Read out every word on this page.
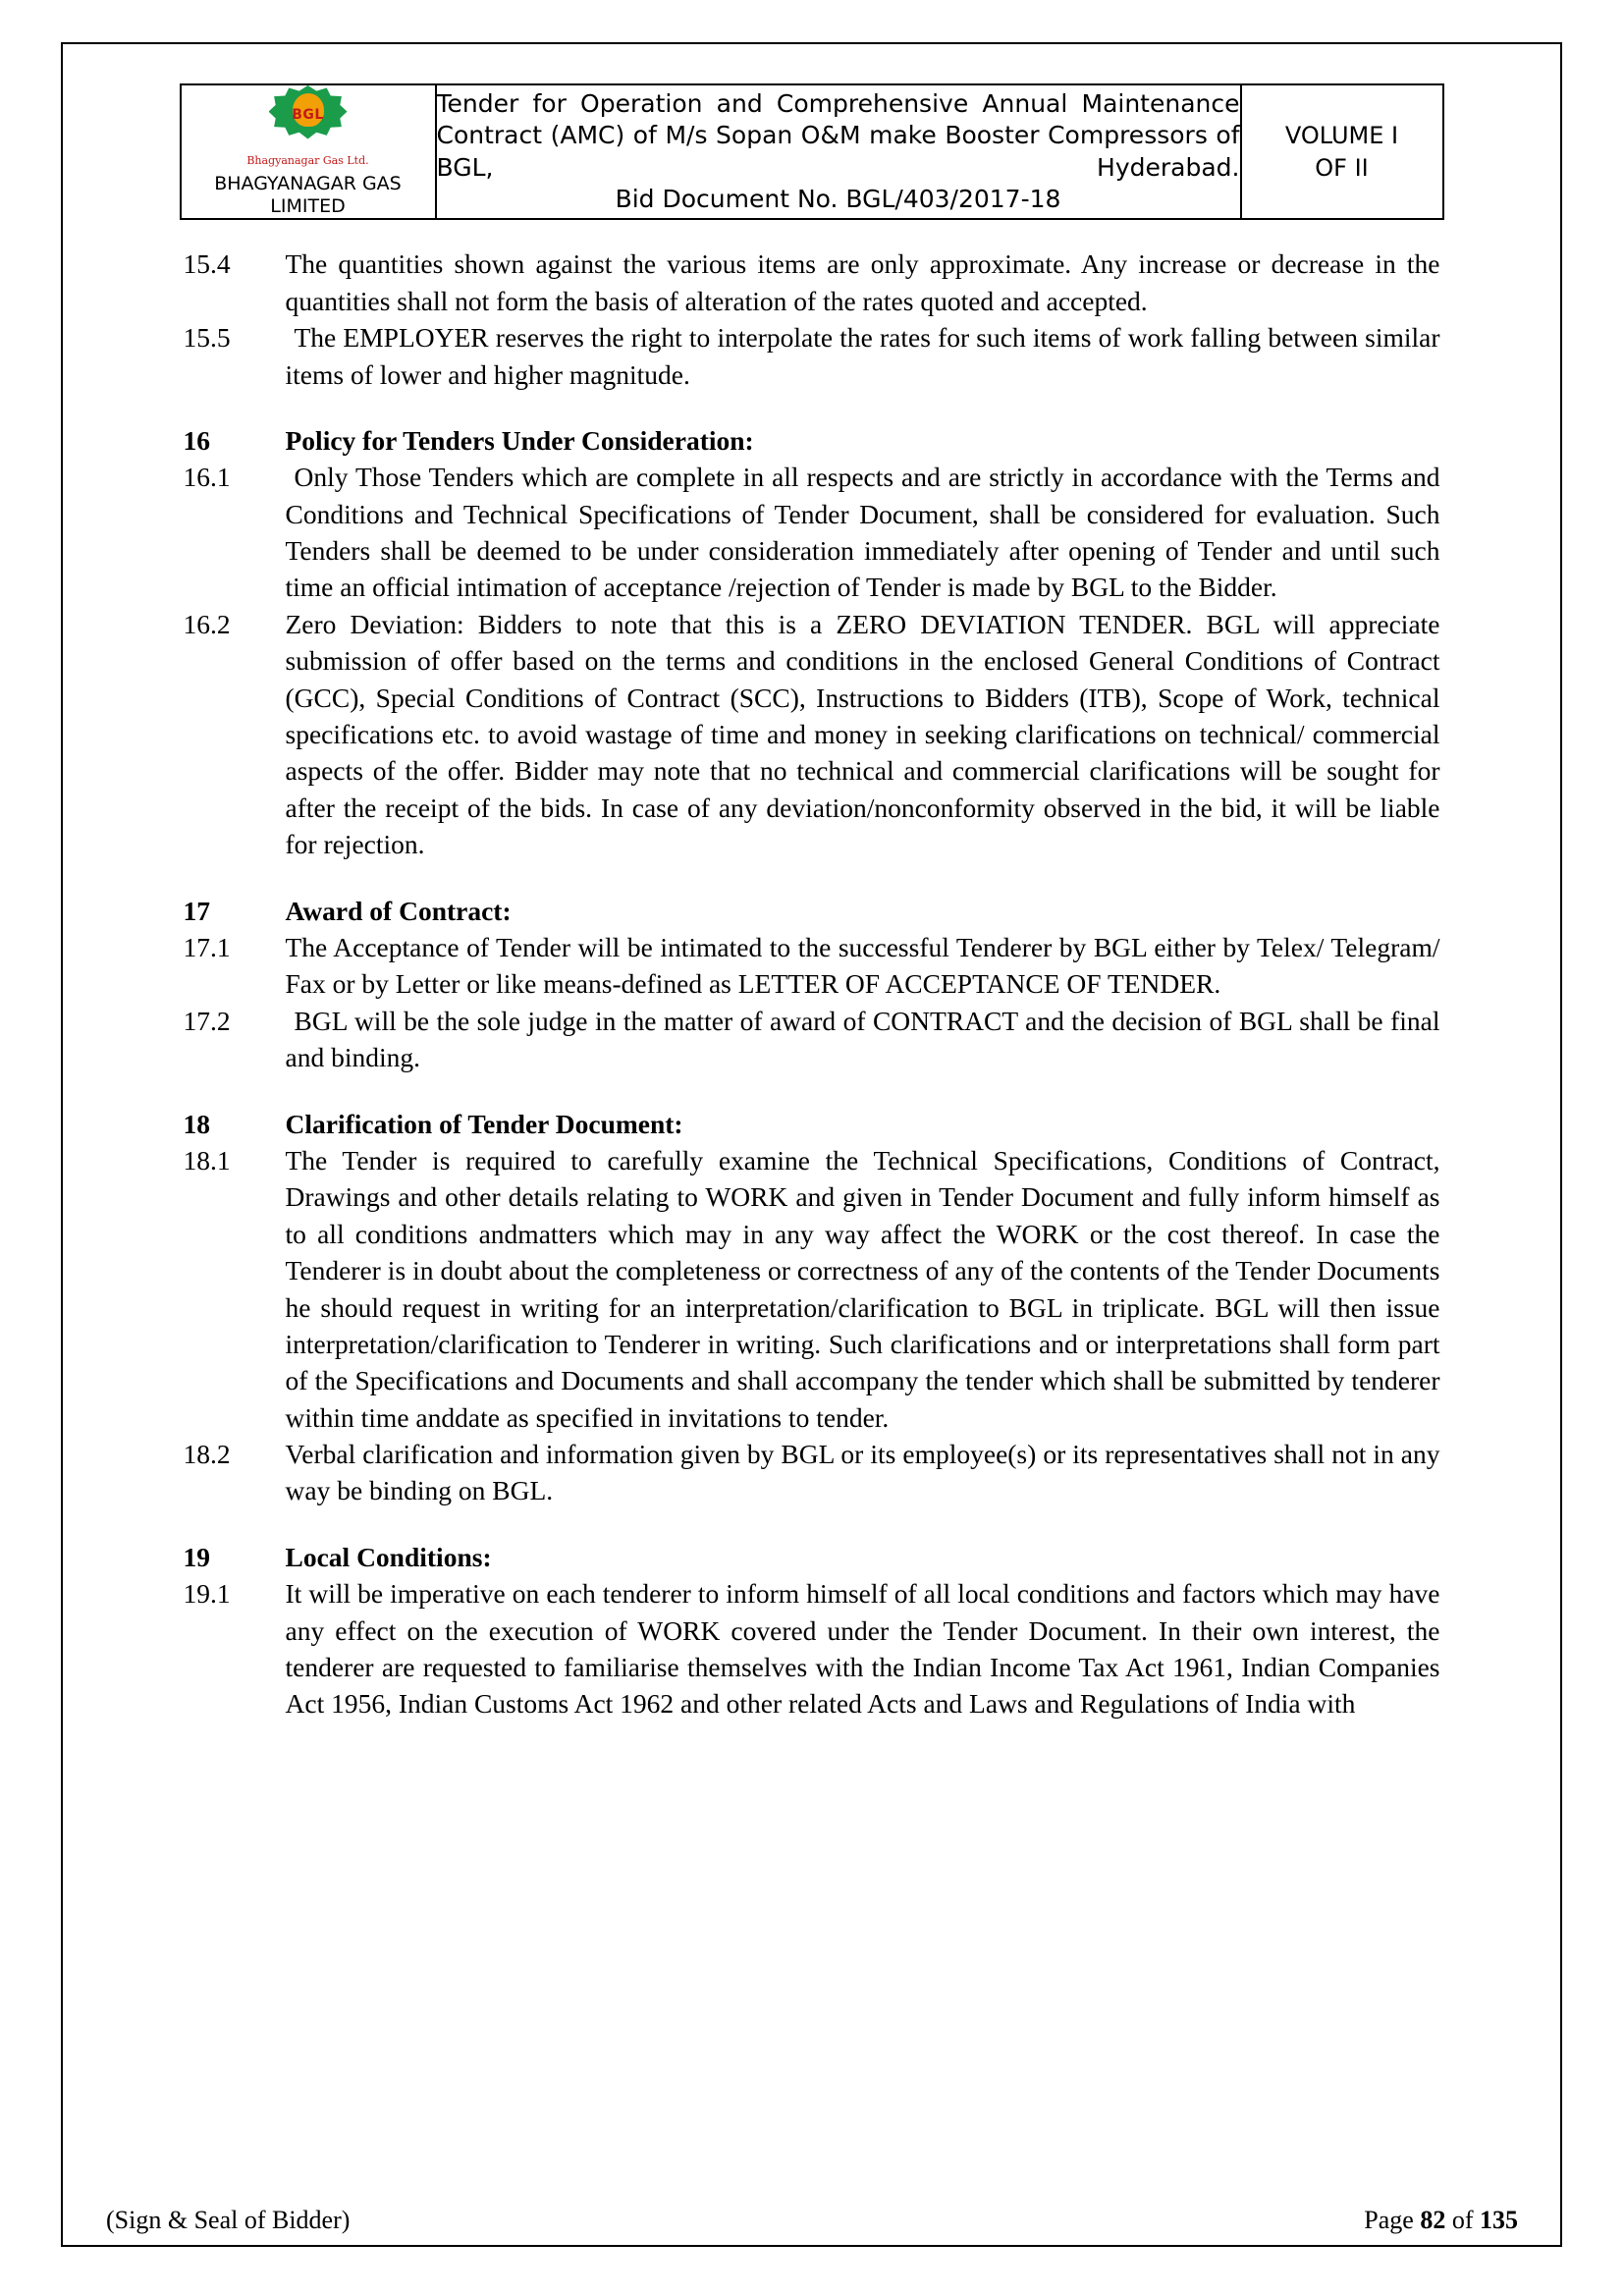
BGL
Bhagyanagar Gas Ltd.
BHAGYANAGAR GAS
LIMITED
	Tender for Operation and Comprehensive Annual Maintenance Contract (AMC) of M/s Sopan O&M make Booster Compressors of BGL, Hyderabad.
Bid Document No. BGL/403/2017-18

VOLUME I
OF II
15.4	The quantities shown against the various items are only approximate. Any increase or decrease in the quantities shall not form the basis of alteration of the rates quoted and accepted.
15.5	The EMPLOYER reserves the right to interpolate the rates for such items of work falling between similar items of lower and higher magnitude.
16	Policy for Tenders Under Consideration:
16.1	Only Those Tenders which are complete in all respects and are strictly in accordance with the Terms and Conditions and Technical Specifications of Tender Document, shall be considered for evaluation. Such Tenders shall be deemed to be under consideration immediately after opening of Tender and until such time an official intimation of acceptance /rejection of Tender is made by BGL to the Bidder.
16.2	Zero Deviation: Bidders to note that this is a ZERO DEVIATION TENDER. BGL will appreciate submission of offer based on the terms and conditions in the enclosed General Conditions of Contract (GCC), Special Conditions of Contract (SCC), Instructions to Bidders (ITB), Scope of Work, technical specifications etc. to avoid wastage of time and money in seeking clarifications on technical/ commercial aspects of the offer. Bidder may note that no technical and commercial clarifications will be sought for after the receipt of the bids. In case of any deviation/nonconformity observed in the bid, it will be liable for rejection.
17	Award of Contract:
17.1	The Acceptance of Tender will be intimated to the successful Tenderer by BGL either by Telex/ Telegram/ Fax or by Letter or like means-defined as LETTER OF ACCEPTANCE OF TENDER.
17.2	BGL will be the sole judge in the matter of award of CONTRACT and the decision of BGL shall be final and binding.
18	Clarification of Tender Document:
18.1	The Tender is required to carefully examine the Technical Specifications, Conditions of Contract, Drawings and other details relating to WORK and given in Tender Document and fully inform himself as to all conditions andmatters which may in any way affect the WORK or the cost thereof. In case the Tenderer is in doubt about the completeness or correctness of any of the contents of the Tender Documents he should request in writing for an interpretation/clarification to BGL in triplicate. BGL will then issue interpretation/clarification to Tenderer in writing. Such clarifications and or interpretations shall form part of the Specifications and Documents and shall accompany the tender which shall be submitted by tenderer within time anddate as specified in invitations to tender.
18.2	Verbal clarification and information given by BGL or its employee(s) or its representatives shall not in any way be binding on BGL.
19	Local Conditions:
19.1	It will be imperative on each tenderer to inform himself of all local conditions and factors which may have any effect on the execution of WORK covered under the Tender Document. In their own interest, the tenderer are requested to familiarise themselves with the Indian Income Tax Act 1961, Indian Companies Act 1956, Indian Customs Act 1962 and other related Acts and Laws and Regulations of India with
(Sign & Seal of Bidder)	Page 82 of 135
